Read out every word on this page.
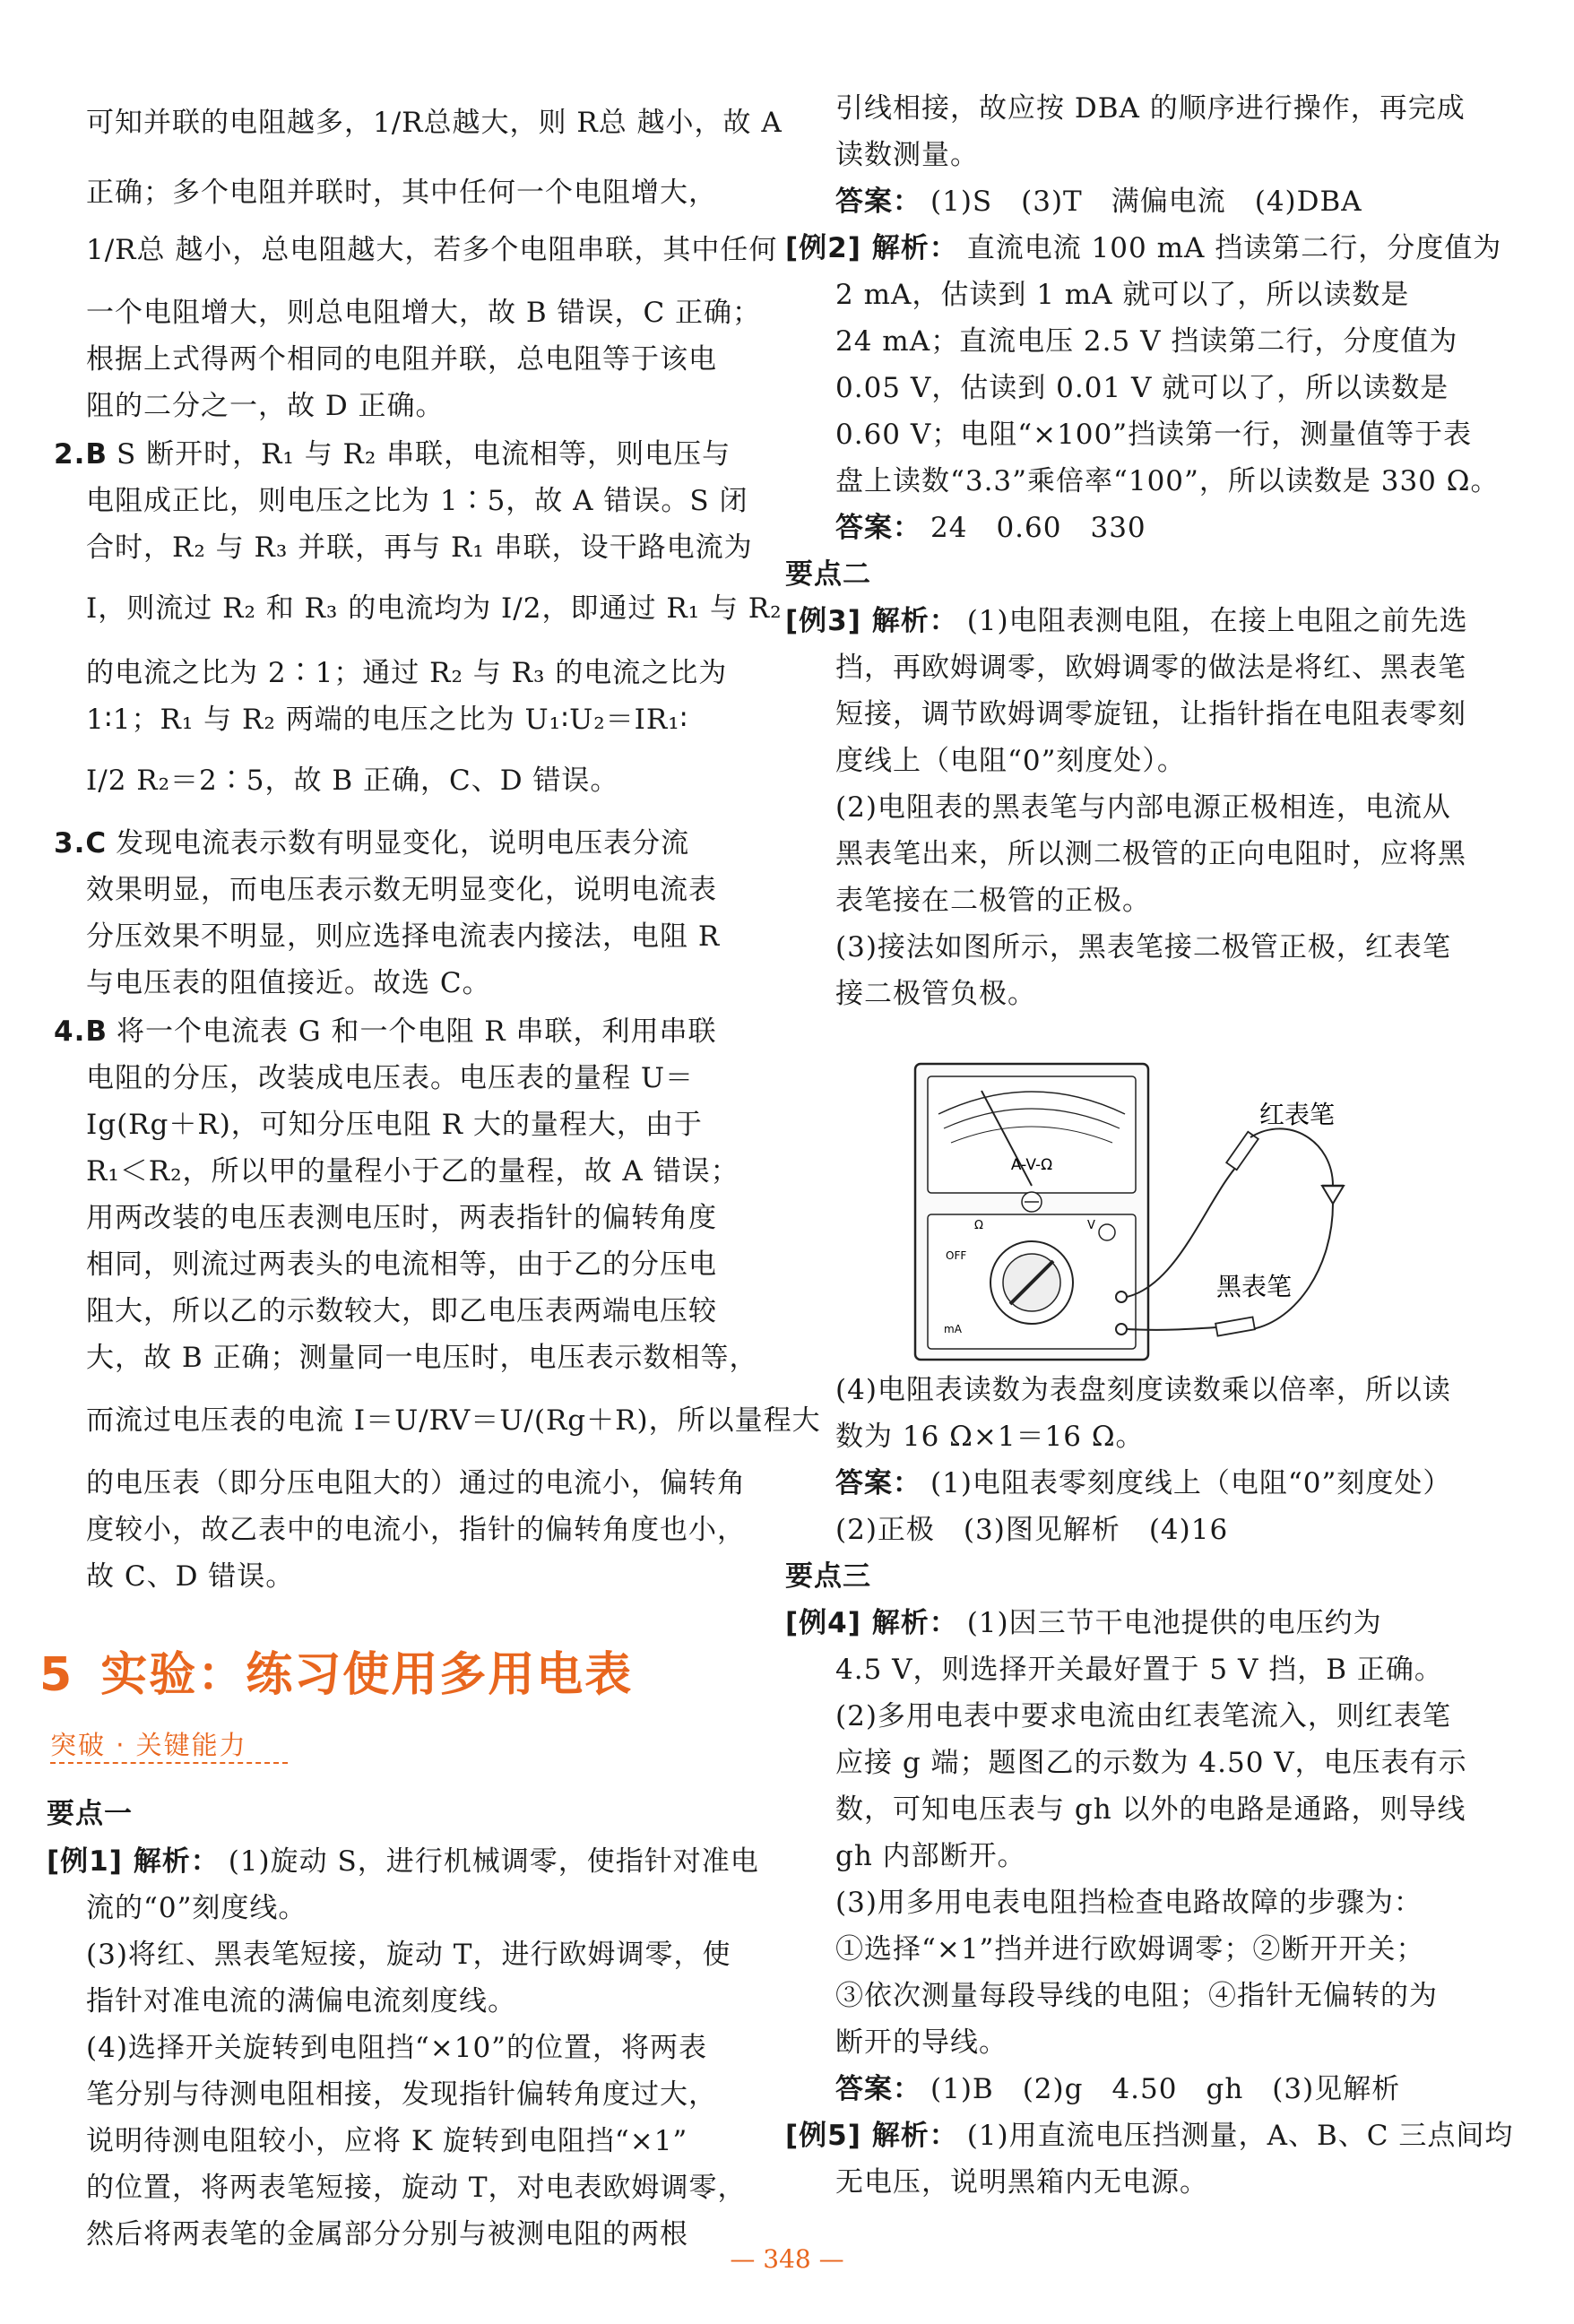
可知并联的电阻越多，1/R总越大，则 R总 越小，故 A
正确；多个电阻并联时，其中任何一个电阻增大，
1/R总 越小，总电阻越大，若多个电阻串联，其中任何
一个电阻增大，则总电阻增大，故 B 错误，C 正确；
根据上式得两个相同的电阻并联，总电阻等于该电
阻的二分之一，故 D 正确。
2.B S 断开时，R₁ 与 R₂ 串联，电流相等，则电压与
电阻成正比，则电压之比为 1∶5，故 A 错误。S 闭
合时，R₂ 与 R₃ 并联，再与 R₁ 串联，设干路电流为
I，则流过 R₂ 和 R₃ 的电流均为 I/2，即通过 R₁ 与 R₂
的电流之比为 2∶1；通过 R₂ 与 R₃ 的电流之比为
1∶1；R₁ 与 R₂ 两端的电压之比为 U₁∶U₂＝IR₁∶
I/2 R₂＝2∶5，故 B 正确，C、D 错误。
3.C 发现电流表示数有明显变化，说明电压表分流
效果明显，而电压表示数无明显变化，说明电流表
分压效果不明显，则应选择电流表内接法，电阻 R
与电压表的阻值接近。故选 C。
4.B 将一个电流表 G 和一个电阻 R 串联，利用串联
电阻的分压，改装成电压表。电压表的量程 U＝
Ig(Rg＋R)，可知分压电阻 R 大的量程大，由于
R₁＜R₂，所以甲的量程小于乙的量程，故 A 错误；
用两改装的电压表测电压时，两表指针的偏转角度
相同，则流过两表头的电流相等，由于乙的分压电
阻大，所以乙的示数较大，即乙电压表两端电压较
大，故 B 正确；测量同一电压时，电压表示数相等，
而流过电压表的电流 I＝U/RV＝U/(Rg＋R)，所以量程大
的电压表（即分压电阻大的）通过的电流小，偏转角
度较小，故乙表中的电流小，指针的偏转角度也小，
故 C、D 错误。
要点一
[例1] 解析： (1)旋动 S，进行机械调零，使指针对准电
流的“0”刻度线。
(3)将红、黑表笔短接，旋动 T，进行欧姆调零，使
指针对准电流的满偏电流刻度线。
(4)选择开关旋转到电阻挡“×10”的位置，将两表
笔分别与待测电阻相接，发现指针偏转角度过大，
说明待测电阻较小，应将 K 旋转到电阻挡“×1”
的位置，将两表笔短接，旋动 T，对电表欧姆调零，
然后将两表笔的金属部分分别与被测电阻的两根
引线相接，故应按 DBA 的顺序进行操作，再完成
读数测量。
答案： (1)S　(3)T　满偏电流　(4)DBA
[例2] 解析： 直流电流 100 mA 挡读第二行，分度值为
2 mA，估读到 1 mA 就可以了，所以读数是
24 mA；直流电压 2.5 V 挡读第二行，分度值为
0.05 V，估读到 0.01 V 就可以了，所以读数是
0.60 V；电阻“×100”挡读第一行，测量值等于表
盘上读数“3.3”乘倍率“100”，所以读数是 330 Ω。
答案： 24　0.60　330
要点二
[例3] 解析： (1)电阻表测电阻，在接上电阻之前先选
挡，再欧姆调零，欧姆调零的做法是将红、黑表笔
短接，调节欧姆调零旋钮，让指针指在电阻表零刻
度线上（电阻“0”刻度处）。
(2)电阻表的黑表笔与内部电源正极相连，电流从
黑表笔出来，所以测二极管的正向电阻时，应将黑
表笔接在二极管的正极。
(3)接法如图所示，黑表笔接二极管正极，红表笔
接二极管负极。
(4)电阻表读数为表盘刻度读数乘以倍率，所以读
数为 16 Ω×1＝16 Ω。
答案： (1)电阻表零刻度线上（电阻“0”刻度处）
(2)正极　(3)图见解析　(4)16
要点三
[例4] 解析： (1)因三节干电池提供的电压约为
4.5 V，则选择开关最好置于 5 V 挡，B 正确。
(2)多用电表中要求电流由红表笔流入，则红表笔
应接 g 端；题图乙的示数为 4.50 V，电压表有示
数，可知电压表与 gh 以外的电路是通路，则导线
gh 内部断开。
(3)用多用电表电阻挡检查电路故障的步骤为：
①选择“×1”挡并进行欧姆调零；②断开开关；
③依次测量每段导线的电阻；④指针无偏转的为
断开的导线。
答案： (1)B　(2)g　4.50　gh　(3)见解析
[例5] 解析： (1)用直流电压挡测量，A、B、C 三点间均
无电压，说明黑箱内无电源。
5 实验：练习使用多用电表
突破 · 关键能力
A-V-Ω
OFF
Ω	V
mA
红表笔
黑表笔
— 348 —
